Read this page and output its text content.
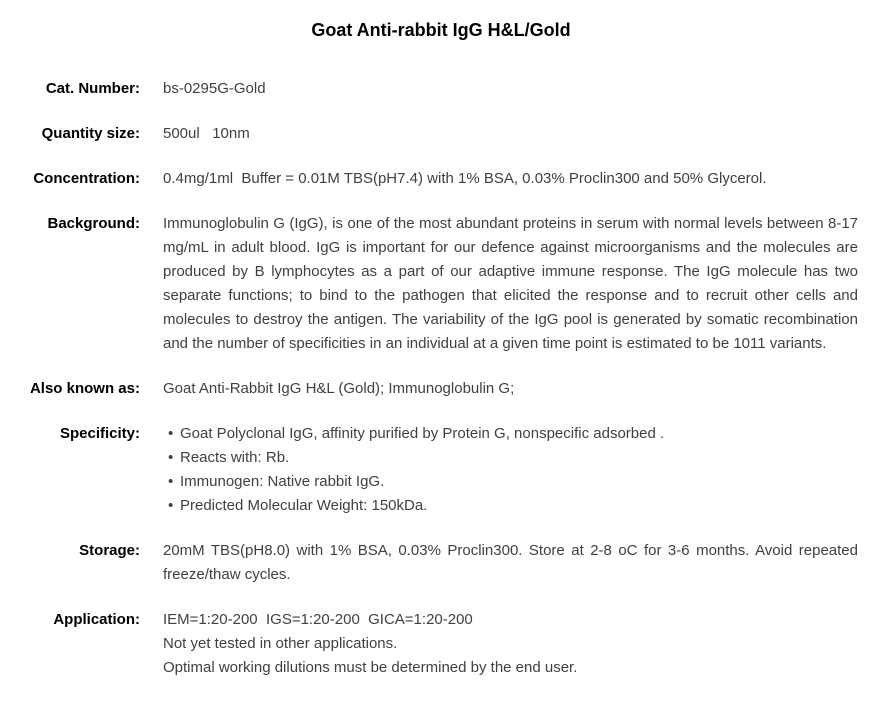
Goat Anti-rabbit IgG H&L/Gold
Cat. Number: bs-0295G-Gold
Quantity size: 500ul   10nm
Concentration: 0.4mg/1ml  Buffer = 0.01M TBS(pH7.4) with 1% BSA, 0.03% Proclin300 and 50% Glycerol.
Background: Immunoglobulin G (IgG), is one of the most abundant proteins in serum with normal levels between 8-17 mg/mL in adult blood. IgG is important for our defence against microorganisms and the molecules are produced by B lymphocytes as a part of our adaptive immune response. The IgG molecule has two separate functions; to bind to the pathogen that elicited the response and to recruit other cells and molecules to destroy the antigen. The variability of the IgG pool is generated by somatic recombination and the number of specificities in an individual at a given time point is estimated to be 1011 variants.
Also known as: Goat Anti-Rabbit IgG H&L (Gold); Immunoglobulin G;
Specificity:	• Goat Polyclonal IgG, affinity purified by Protein G, nonspecific adsorbed .
• Reacts with: Rb.
• Immunogen: Native rabbit IgG.
• Predicted Molecular Weight: 150kDa.
Storage: 20mM TBS(pH8.0) with 1% BSA, 0.03% Proclin300. Store at 2-8 oC for 3-6 months. Avoid repeated freeze/thaw cycles.
Application: IEM=1:20-200  IGS=1:20-200  GICA=1:20-200
Not yet tested in other applications.
Optimal working dilutions must be determined by the end user.
